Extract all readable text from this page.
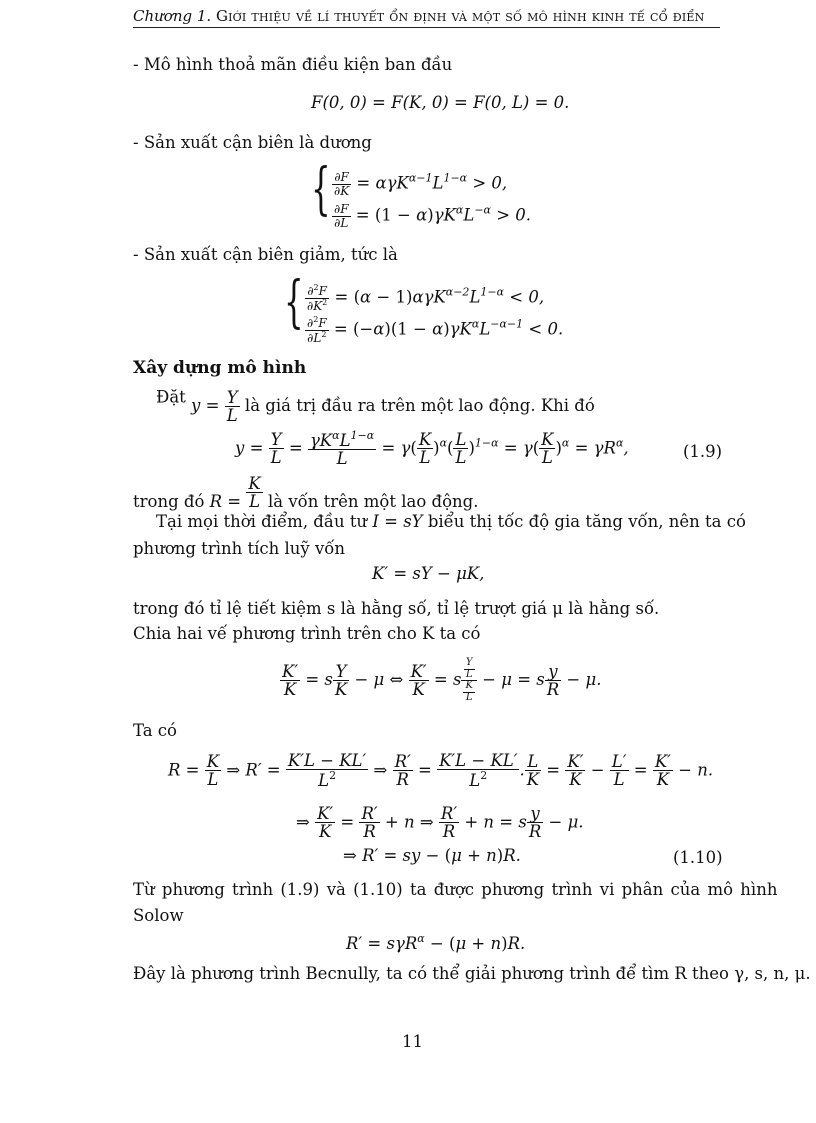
Chương 1. Giới thiệu về lí thuyết ổn định và một số mô hình kinh tế cổ điển
- Mô hình thoả mãn điều kiện ban đầu
F(0, 0) = F(K, 0) = F(0, L) = 0.
- Sản xuất cận biên là dương
{ $\frac{\partial F}{\partial K} = \alpha\gamma K^{\alpha-1}L^{1-\alpha} > 0$,
$\frac{\partial F}{\partial L} = (1 - \alpha)\gamma K^\alpha L^{-\alpha} > 0$.
- Sản xuất cận biên giảm, tức là
{ $\frac{\partial^2F}{\partial K^2} = (\alpha - 1)\alpha\gamma K^{\alpha-2}L^{1-\alpha} < 0$,
$\frac{\partial^2F}{\partial L^2} = (-\alpha)(1 - \alpha)\gamma K^\alpha L^{-\alpha-1} < 0$.
Xây dựng mô hình
Đặt $y = \frac{Y}{L}$ là giá trị đầu ra trên một lao động. Khi đó
$y = \frac{Y}{L} = \frac{\gamma K^\alpha L^{1-\alpha}}{L} = \gamma( \frac{K}{L} )^\alpha( \frac{L}{L} )^{1-\alpha} = \gamma( \frac{K}{L} )^\alpha = \gamma R^\alpha$,	(1.9)
trong đó $R = \frac{K}{L}$ là vốn trên một lao động.
Tại mọi thời điểm, đầu tư I = sY biểu thị tốc độ gia tăng vốn, nên ta có
phương trình tích luỹ vốn
K′ = sY − μK,
trong đó tỉ lệ tiết kiệm s là hằng số, tỉ lệ trượt giá μ là hằng số.
Chia hai vế phương trình trên cho K ta có
$\frac{K'}{K} = s \frac{Y}{K} - \mu$ ⇔ $\frac{K'}{K} = s \frac{\frac{Y}{L}}{\frac{K}{L}} - \mu = s \frac{y}{R} - \mu$.
Ta có
$R = \frac{K}{L}$ ⇒ $R' = \frac{K'L - KL'}{L^2}$ ⇒ $\frac{R'}{R} = \frac{K'L - KL'}{L^2}$ . $\frac{L}{K} = \frac{K'}{K} - \frac{L'}{L} = \frac{K'}{K} - n$.
⇒ $\frac{K'}{K} = \frac{R'}{R} + n$ ⇒ $\frac{R'}{R} + n = s \frac{y}{R} - \mu$.
⇒ R′ = sy − (μ + n)R.	(1.10)
Từ phương trình (1.9) và (1.10) ta được phương trình vi phân của mô hình
Solow
R′ = sγR$^\alpha$ − (μ + n)R.
Đây là phương trình Becnully, ta có thể giải phương trình để tìm R theo γ, s, n, μ.
11
